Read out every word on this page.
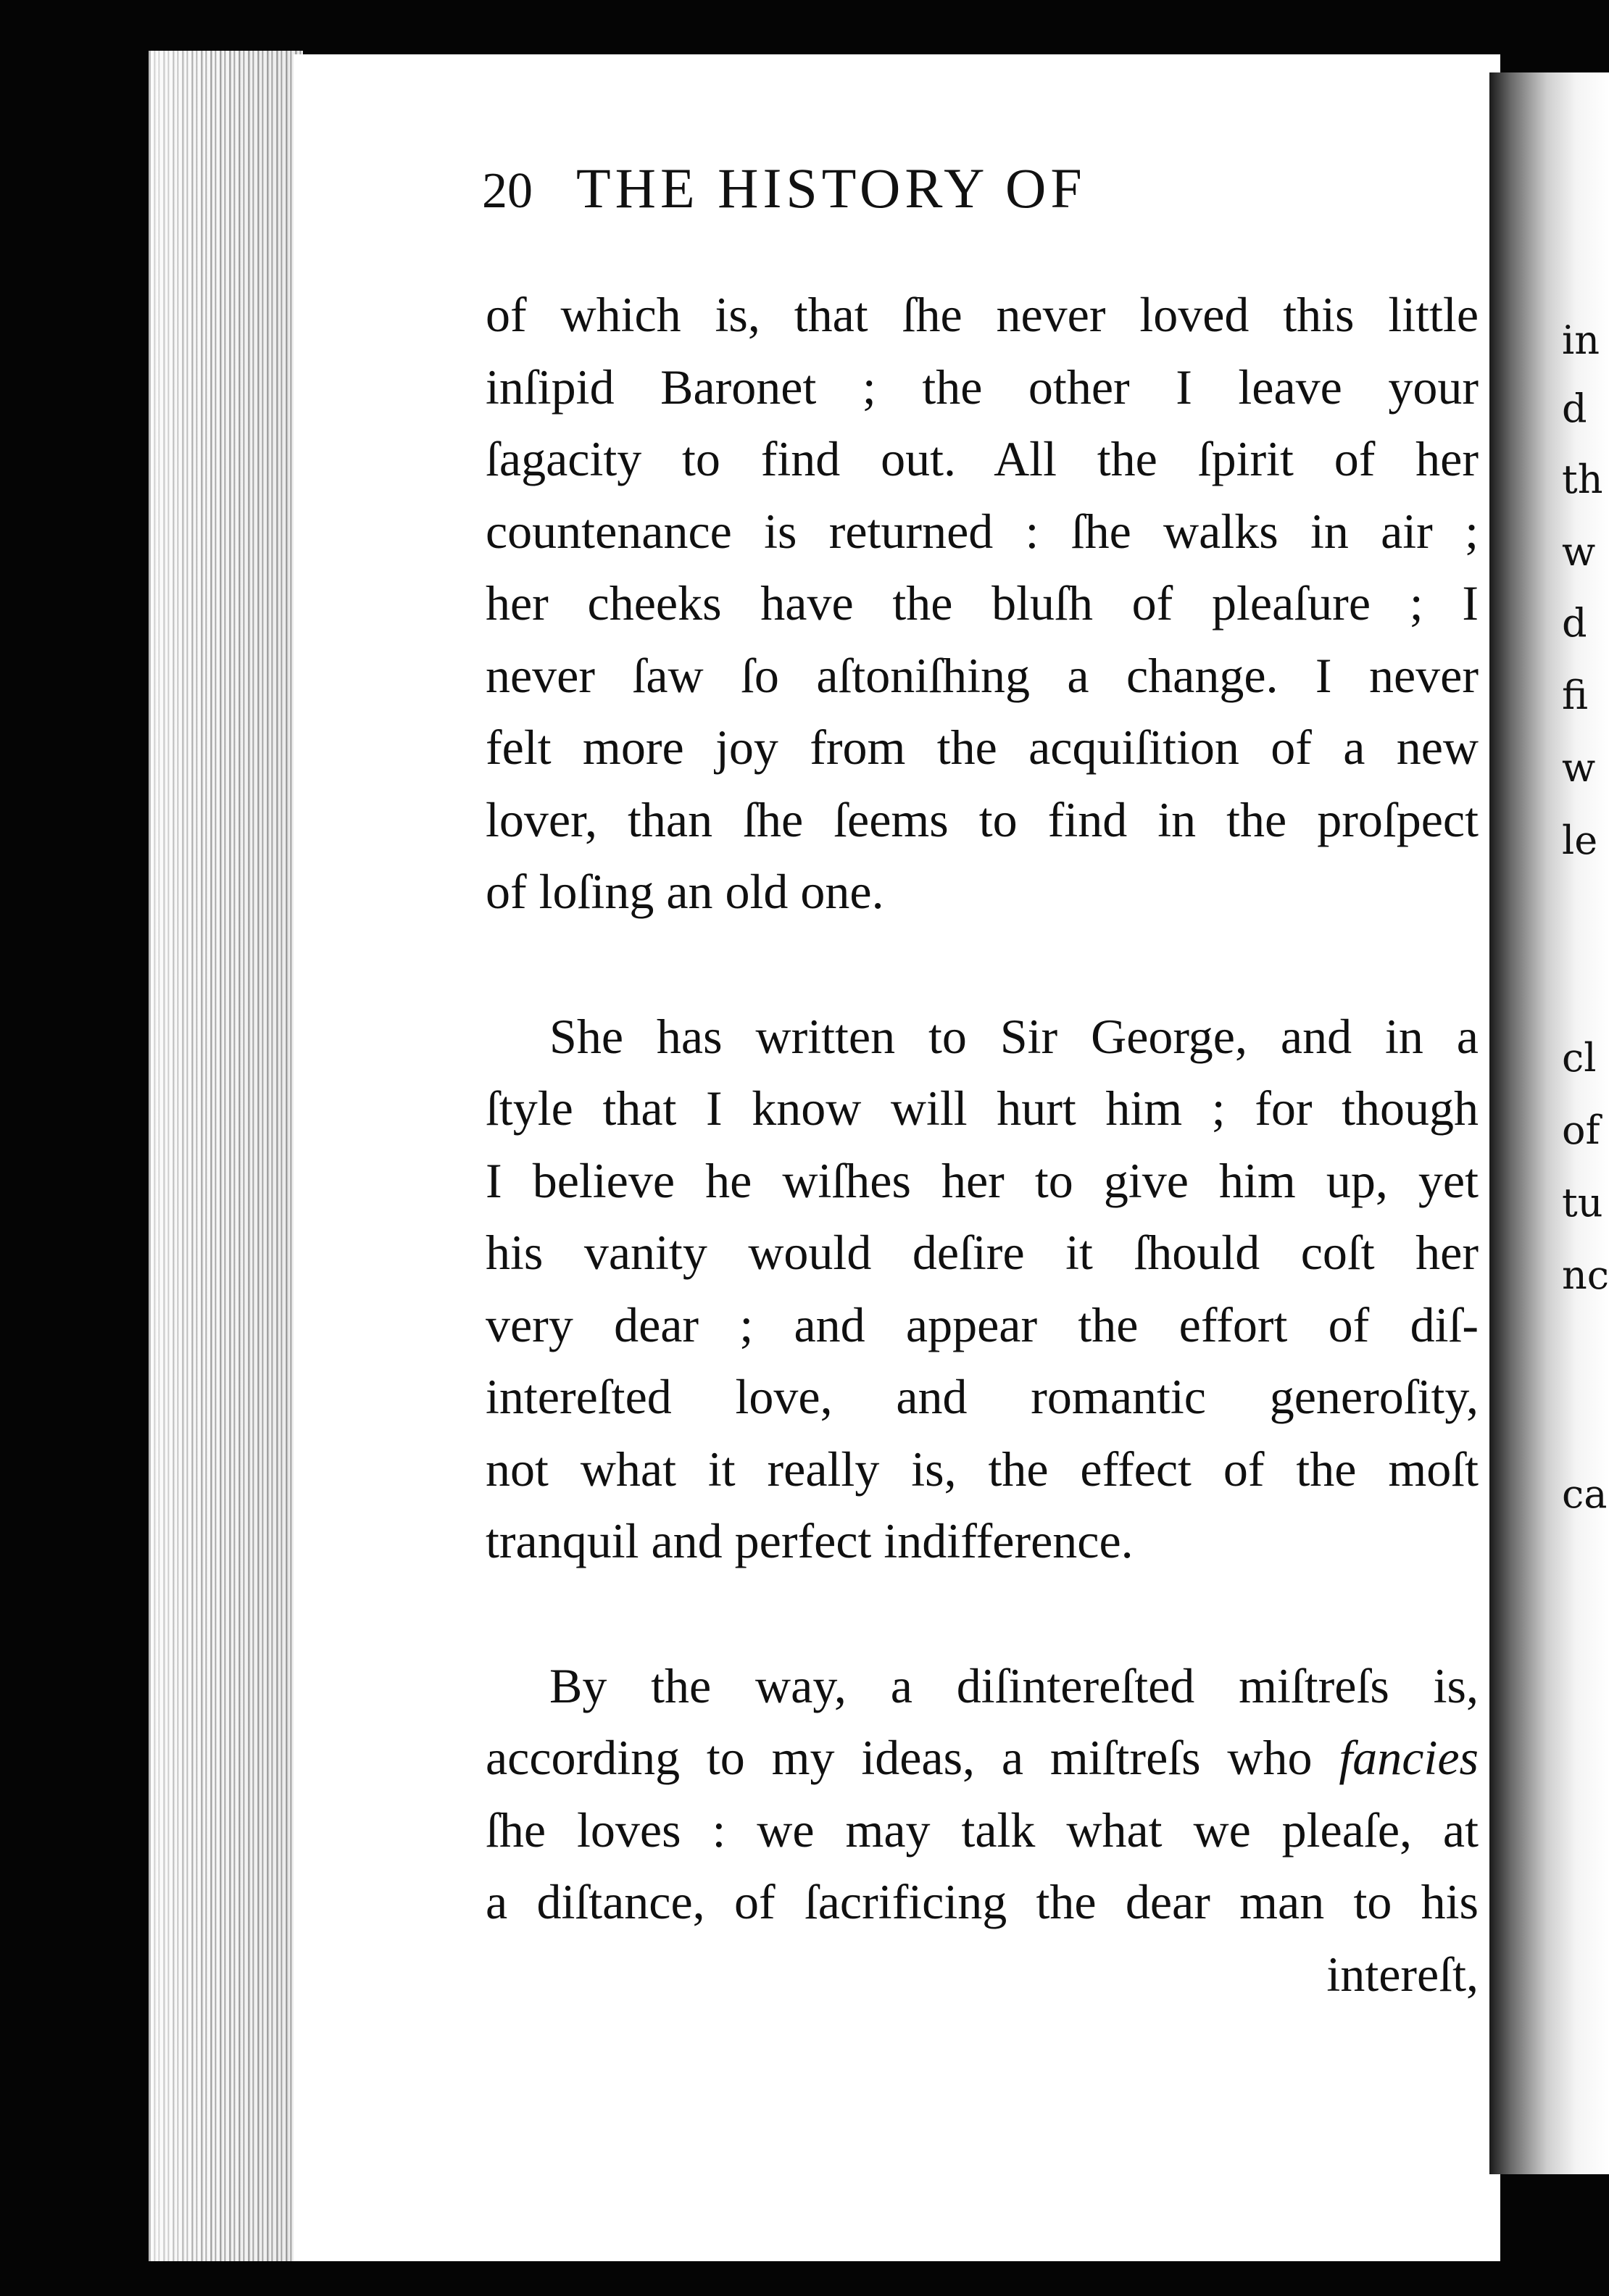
in
d
th
w
d
fi
w
le
cl
of
tu
nc
ca
20 THE HISTORY OF

of which is, that ſhe never loved this little
inſipid Baronet ; the other I leave your
ſagacity to find out. All the ſpirit of her
countenance is returned : ſhe walks in air ;
her cheeks have the bluſh of pleaſure ; I
never ſaw ſo aſtoniſhing a change. I never
felt more joy from the acquiſition of a new
lover, than ſhe ſeems to find in the proſpect
of loſing an old one.

She has written to Sir George, and in a
ſtyle that I know will hurt him ; for though
I believe he wiſhes her to give him up, yet
his vanity would deſire it ſhould coſt her
very dear ; and appear the effort of diſ-
intereſted love, and romantic generoſity,
not what it really is, the effect of the moſt
tranquil and perfect indifference.

By the way, a diſintereſted miſtreſs is,
according to my ideas, a miſtreſs who fancies
ſhe loves : we may talk what we pleaſe, at
a diſtance, of ſacrificing the dear man to his
intereſt,
